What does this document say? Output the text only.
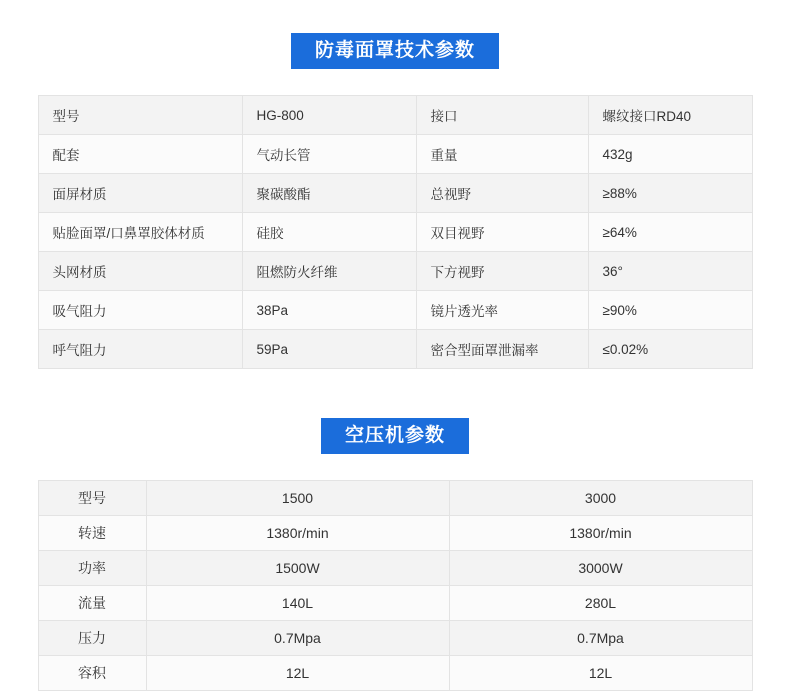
防毒面罩技术参数
型号	HG-800	接口	螺纹接口RD40
配套	气动长管	重量	432g
面屏材质	聚碳酸酯	总视野	≥88%
贴脸面罩/口鼻罩胶体材质	硅胶	双目视野	≥64%
头网材质	阻燃防火纤维	下方视野	36°
吸气阻力	38Pa	镜片透光率	≥90%
呼气阻力	59Pa	密合型面罩泄漏率	≤0.02%
空压机参数
型号	1500	3000
转速	1380r/min	1380r/min
功率	1500W	3000W
流量	140L	280L
压力	0.7Mpa	0.7Mpa
容积	12L	12L
